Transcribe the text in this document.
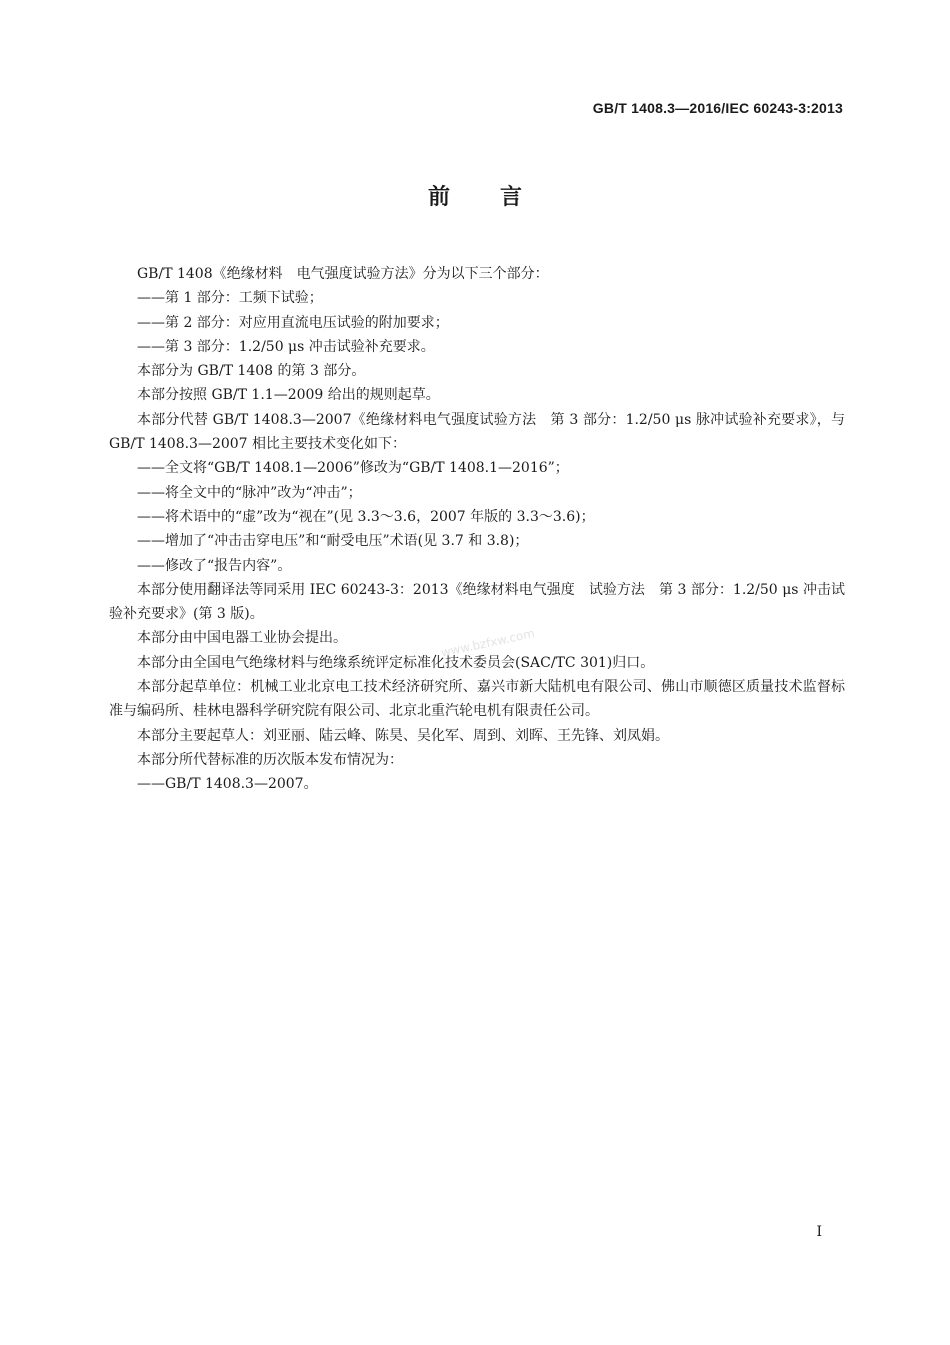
GB/T 1408.3—2016/IEC 60243-3:2013
前言

GB/T 1408《绝缘材料　电气强度试验方法》分为以下三个部分：

——第 1 部分：工频下试验；

——第 2 部分：对应用直流电压试验的附加要求；

——第 3 部分：1.2/50 μs 冲击试验补充要求。

本部分为 GB/T 1408 的第 3 部分。

本部分按照 GB/T 1.1—2009 给出的规则起草。

本部分代替 GB/T 1408.3—2007《绝缘材料电气强度试验方法　第 3 部分：1.2/50 μs 脉冲试验补充要求》，与 GB/T 1408.3—2007 相比主要技术变化如下：

——全文将“GB/T 1408.1—2006”修改为“GB/T 1408.1—2016”；

——将全文中的“脉冲”改为“冲击”；

——将术语中的“虚”改为“视在”(见 3.3～3.6，2007 年版的 3.3～3.6)；

——增加了“冲击击穿电压”和“耐受电压”术语(见 3.7 和 3.8)；

——修改了“报告内容”。

本部分使用翻译法等同采用 IEC 60243-3：2013《绝缘材料电气强度　试验方法　第 3 部分：1.2/50 μs 冲击试验补充要求》(第 3 版)。

本部分由中国电器工业协会提出。

本部分由全国电气绝缘材料与绝缘系统评定标准化技术委员会(SAC/TC 301)归口。

本部分起草单位：机械工业北京电工技术经济研究所、嘉兴市新大陆机电有限公司、佛山市顺德区质量技术监督标准与编码所、桂林电器科学研究院有限公司、北京北重汽轮电机有限责任公司。

本部分主要起草人：刘亚丽、陆云峰、陈昊、吴化军、周到、刘晖、王先锋、刘凤娟。

本部分所代替标准的历次版本发布情况为：

——GB/T 1408.3—2007。

www.bzfxw.com
I
